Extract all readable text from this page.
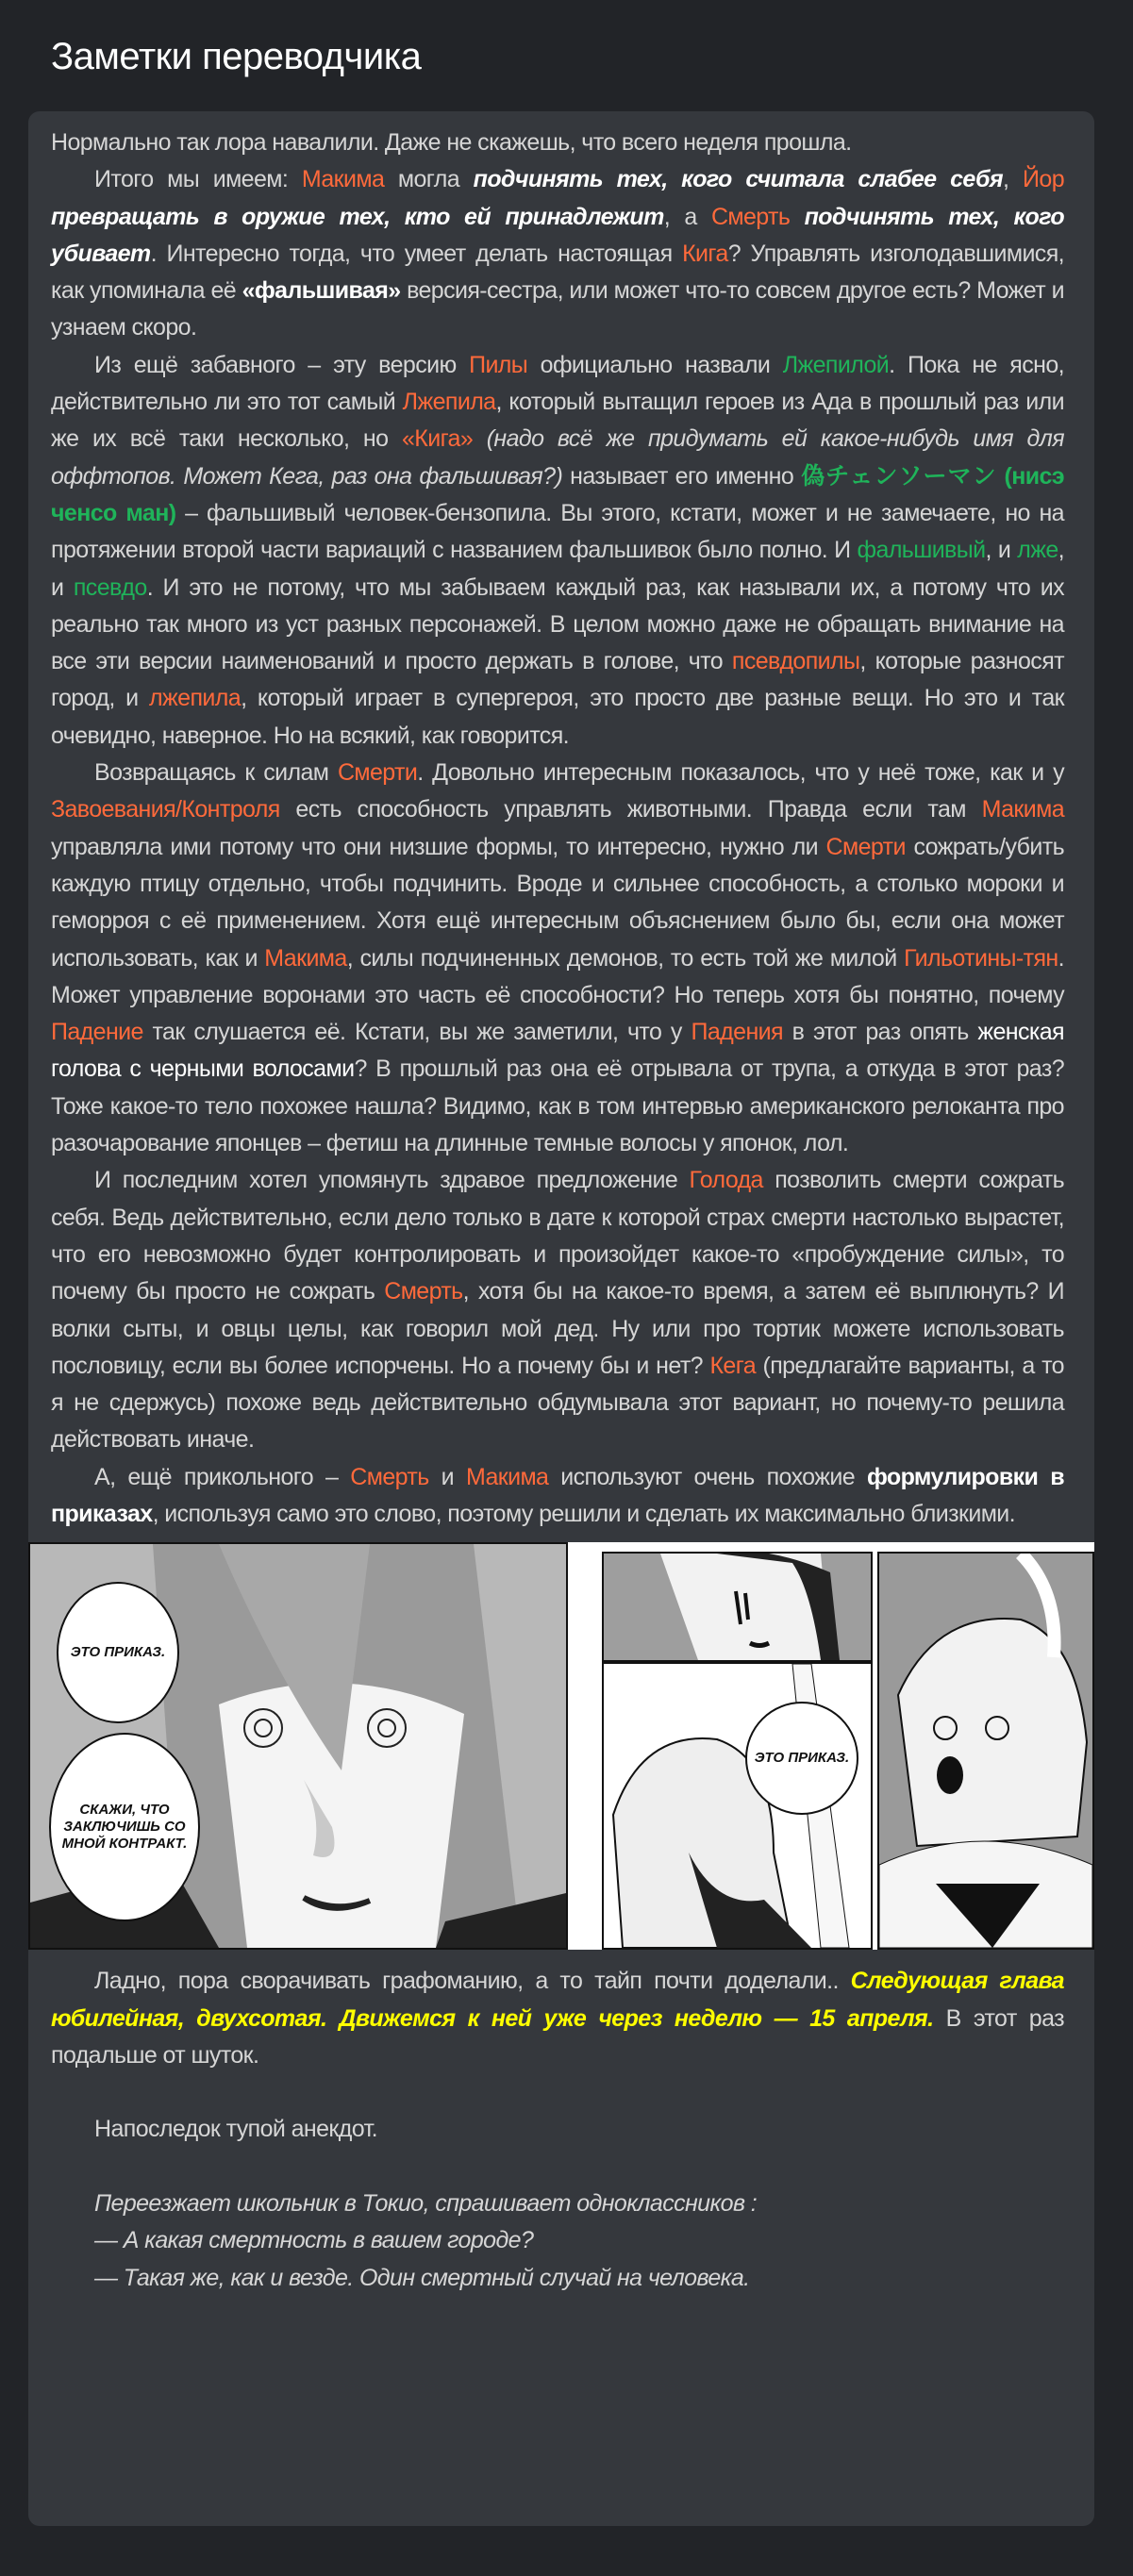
Заметки переводчика

Нормально так лора навалили. Даже не скажешь, что всего неделя прошла.

Итого мы имеем: Макима могла подчинять тех, кого считала слабее себя, Йор превращать в оружие тех, кто ей принадлежит, а Смерть подчинять тех, кого убивает. Интересно тогда, что умеет делать настоящая Кига? Управлять изголодавшимися, как упоминала её «фальшивая» версия-сестра, или может что-то совсем другое есть? Может и узнаем скоро.

Из ещё забавного – эту версию Пилы официально назвали Лжепилой. Пока не ясно, действительно ли это тот самый Лжепила, который вытащил героев из Ада в прошлый раз или же их всё таки несколько, но «Кига» (надо всё же придумать ей какое-нибудь имя для оффтопов. Может Кега, раз она фальшивая?) называет его именно 偽チェンソーマン (нисэ ченсо ман) – фальшивый человек-бензопила. Вы этого, кстати, может и не замечаете, но на протяжении второй части вариаций с названием фальшивок было полно. И фальшивый, и лже, и псевдо. И это не потому, что мы забываем каждый раз, как называли их, а потому что их реально так много из уст разных персонажей. В целом можно даже не обращать внимание на все эти версии наименований и просто держать в голове, что псевдопилы, которые разносят город, и лжепила, который играет в супергероя, это просто две разные вещи. Но это и так очевидно, наверное. Но на всякий, как говорится.

Возвращаясь к силам Смерти. Довольно интересным показалось, что у неё тоже, как и у Завоевания/Контроля есть способность управлять животными. Правда если там Макима управляла ими потому что они низшие формы, то интересно, нужно ли Смерти сожрать/убить каждую птицу отдельно, чтобы подчинить. Вроде и сильнее способность, а столько мороки и геморроя с её применением. Хотя ещё интересным объяснением было бы, если она может использовать, как и Макима, силы подчиненных демонов, то есть той же милой Гильотины-тян. Может управление воронами это часть её способности? Но теперь хотя бы понятно, почему Падение так слушается её. Кстати, вы же заметили, что у Падения в этот раз опять женская голова с черными волосами? В прошлый раз она её отрывала от трупа, а откуда в этот раз? Тоже какое-то тело похожее нашла? Видимо, как в том интервью американского релоканта про разочарование японцев – фетиш на длинные темные волосы у японок, лол.

И последним хотел упомянуть здравое предложение Голода позволить смерти сожрать себя. Ведь действительно, если дело только в дате к которой страх смерти настолько вырастет, что его невозможно будет контролировать и произойдет какое-то «пробуждение силы», то почему бы просто не сожрать Смерть, хотя бы на какое-то время, а затем её выплюнуть? И волки сыты, и овцы целы, как говорил мой дед. Ну или про тортик можете использовать пословицу, если вы более испорчены. Но а почему бы и нет? Кега (предлагайте варианты, а то я не сдержусь) похоже ведь действительно обдумывала этот вариант, но почему-то решила действовать иначе.

А, ещё прикольного – Смерть и Макима используют очень похожие формулировки в приказах, используя само это слово, поэтому решили и сделать их максимально близкими.

ЭТО ПРИКАЗ.
СКАЖИ, ЧТО ЗАКЛЮЧИШЬ СО МНОЙ КОНТРАКТ.
ЭТО ПРИКАЗ.

Ладно, пора сворачивать графоманию, а то тайп почти доделали.. Следующая глава юбилейная, двухсотая. Движемся к ней уже через неделю — 15 апреля. В этот раз подальше от шуток.

Напоследок тупой анекдот.

Переезжает школьник в Токио, спрашивает одноклассников :

— А какая смертность в вашем городе?

— Такая же, как и везде. Один смертный случай на человека.
